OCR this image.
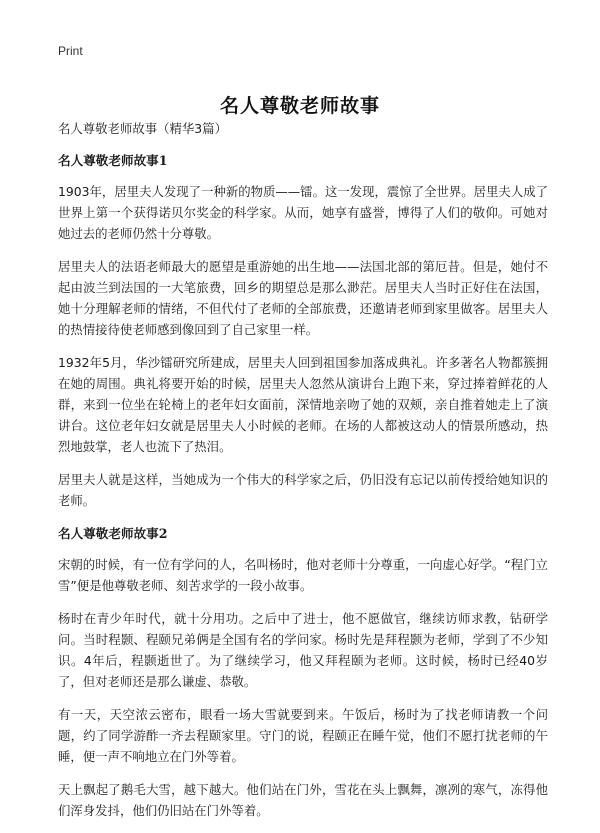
Print
名人尊敬老师故事

名人尊敬老师故事（精华3篇）

名人尊敬老师故事1

1903年，居里夫人发现了一种新的物质——镭。这一发现，震惊了全世界。居里夫人成了世界上第一个获得诺贝尔奖金的科学家。从而，她享有盛誉，博得了人们的敬仰。可她对她过去的老师仍然十分尊敬。

居里夫人的法语老师最大的愿望是重游她的出生地——法国北部的第厄昔。但是，她付不起由波兰到法国的一大笔旅费，回乡的期望总是那么渺茫。居里夫人当时正好住在法国，她十分理解老师的情绪，不但代付了老师的全部旅费，还邀请老师到家里做客。居里夫人的热情接待使老师感到像回到了自己家里一样。

1932年5月，华沙镭研究所建成，居里夫人回到祖国参加落成典礼。许多著名人物都簇拥在她的周围。典礼将要开始的时候，居里夫人忽然从演讲台上跑下来，穿过捧着鲜花的人群，来到一位坐在轮椅上的老年妇女面前，深情地亲吻了她的双颊，亲自推着她走上了演讲台。这位老年妇女就是居里夫人小时候的老师。在场的人都被这动人的情景所感动，热烈地鼓掌，老人也流下了热泪。

居里夫人就是这样，当她成为一个伟大的科学家之后，仍旧没有忘记以前传授给她知识的老师。

名人尊敬老师故事2

宋朝的时候，有一位有学问的人，名叫杨时，他对老师十分尊重，一向虚心好学。“程门立雪”便是他尊敬老师、刻苦求学的一段小故事。

杨时在青少年时代，就十分用功。之后中了进士，他不愿做官，继续访师求教，钻研学问。当时程颢、程颐兄弟俩是全国有名的学问家。杨时先是拜程颢为老师，学到了不少知识。4年后，程颢逝世了。为了继续学习，他又拜程颐为老师。这时候，杨时已经40岁了，但对老师还是那么谦虚、恭敬。

有一天，天空浓云密布，眼看一场大雪就要到来。午饭后，杨时为了找老师请教一个问题，约了同学游酢一齐去程颐家里。守门的说，程颐正在睡午觉，他们不愿打扰老师的午睡，便一声不响地立在门外等着。

天上飘起了鹅毛大雪，越下越大。他们站在门外，雪花在头上飘舞，凛冽的寒气，冻得他们浑身发抖，他们仍旧站在门外等着。
